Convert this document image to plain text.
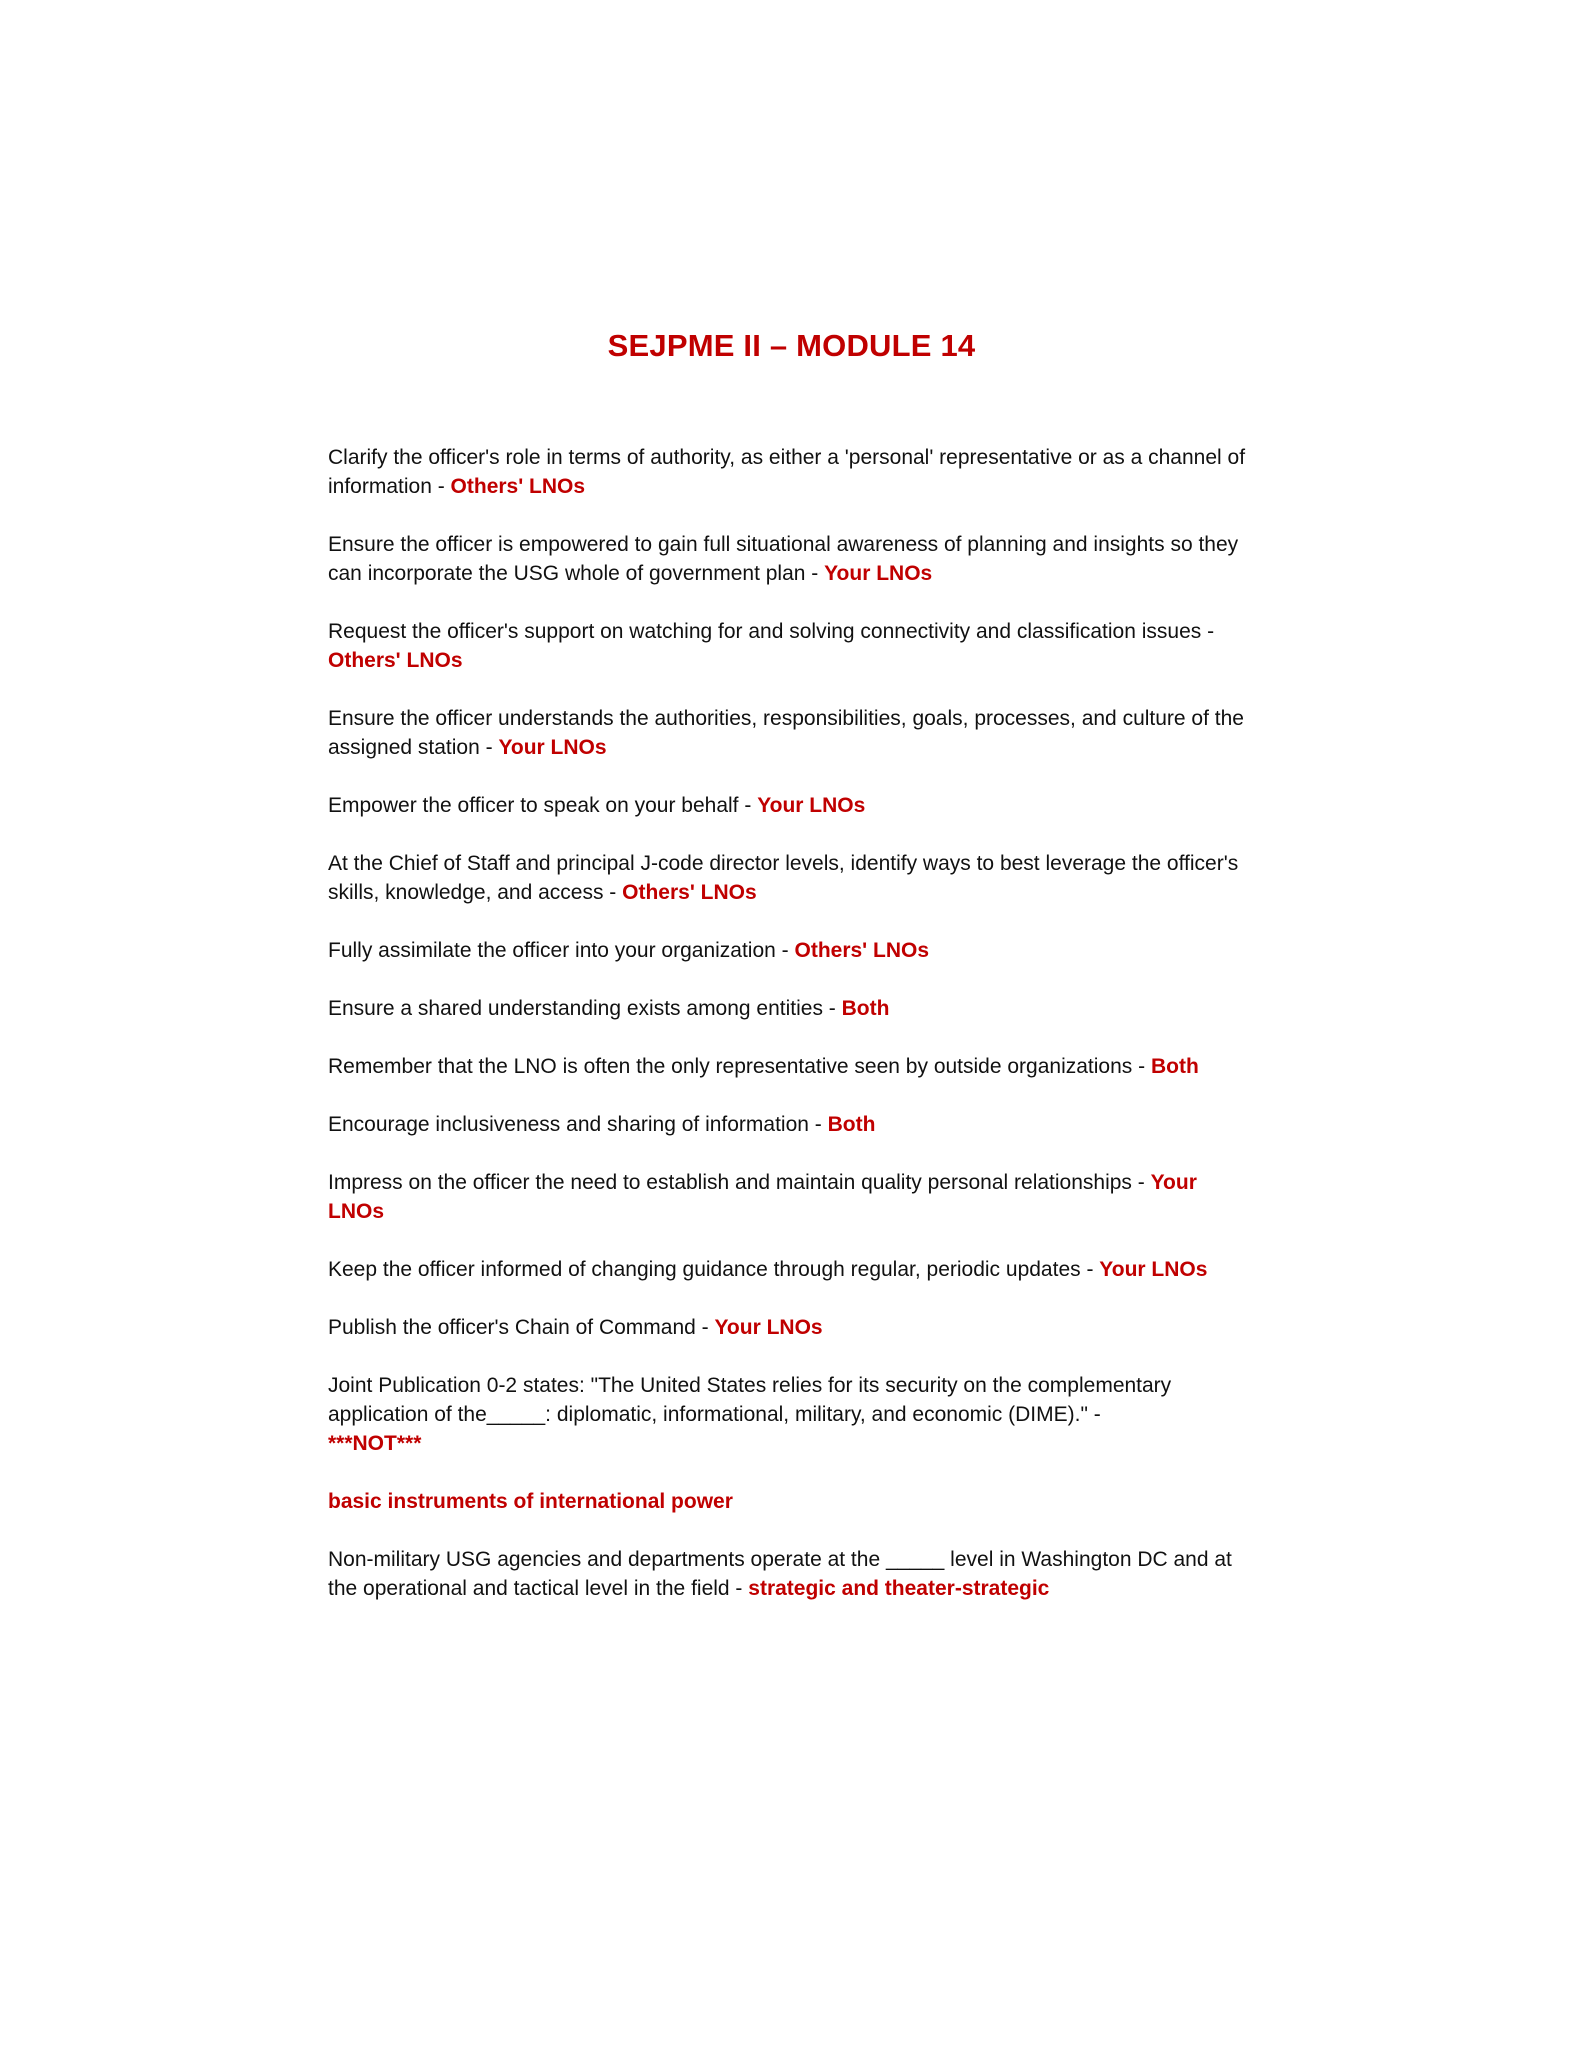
SEJPME II – MODULE 14

Clarify the officer's role in terms of authority, as either a 'personal' representative or as a channel of information - Others' LNOs

Ensure the officer is empowered to gain full situational awareness of planning and insights so they can incorporate the USG whole of government plan - Your LNOs

Request the officer's support on watching for and solving connectivity and classification issues - Others' LNOs

Ensure the officer understands the authorities, responsibilities, goals, processes, and culture of the assigned station - Your LNOs

Empower the officer to speak on your behalf - Your LNOs

At the Chief of Staff and principal J-code director levels, identify ways to best leverage the officer's skills, knowledge, and access - Others' LNOs

Fully assimilate the officer into your organization - Others' LNOs

Ensure a shared understanding exists among entities - Both

Remember that the LNO is often the only representative seen by outside organizations - Both

Encourage inclusiveness and sharing of information - Both

Impress on the officer the need to establish and maintain quality personal relationships - Your LNOs

Keep the officer informed of changing guidance through regular, periodic updates - Your LNOs

Publish the officer's Chain of Command - Your LNOs

Joint Publication 0-2 states: "The United States relies for its security on the complementary application of the_____: diplomatic, informational, military, and economic (DIME)." -
***NOT***

basic instruments of international power

Non-military USG agencies and departments operate at the _____ level in Washington DC and at the operational and tactical level in the field - strategic and theater-strategic
